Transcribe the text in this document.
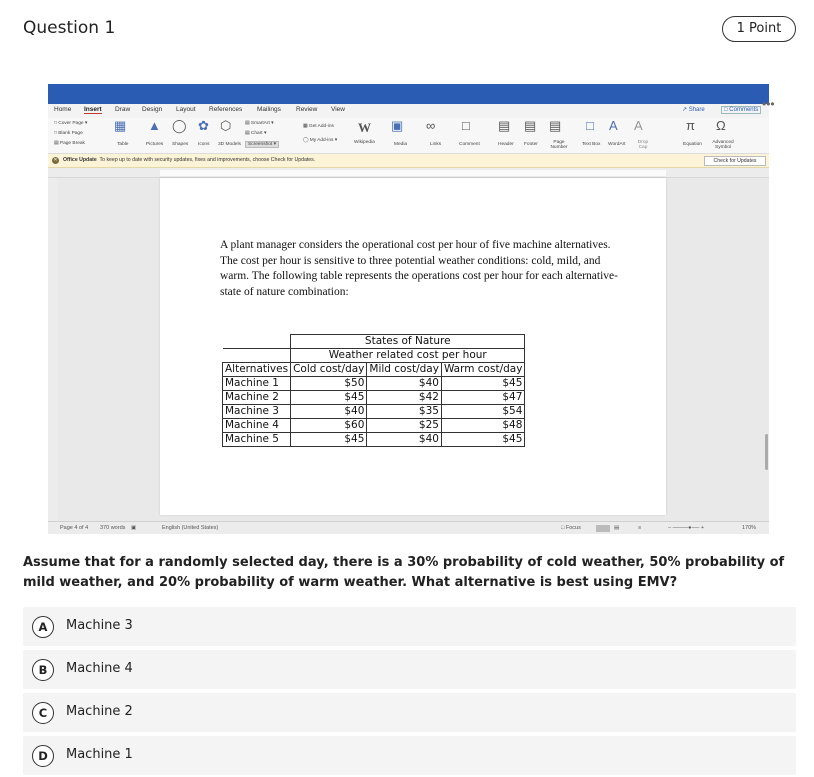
Question 1	1 Point
Home Insert Draw Design Layout References Mailings Review View	↗ Share	□ Comments
□ Cover Page ▾
□ Blank Page
▤ Page Break
▦
Table
▲
Pictures
◯
Shapes
✿
Icons
⬡
3D Models
▤ SmartArt ▾
▤ Chart ▾
Screenshot ▾
▦ Get Add-ins
◯ My Add-ins ▾
W
Wikipedia
▣
Media
∞
Links
□
Comment
▤
Header
▤
Footer
▤
Page Number
□
Text Box
A
WordArt
A
Drop Cap
π
Equation
Ω
Advanced Symbol
✕ Office Update To keep up to date with security updates, fixes and improvements, choose Check for Updates.	Check for Updates
A plant manager considers the operational cost per hour of five machine alternatives. The cost per hour is sensitive to three potential weather conditions: cold, mild, and warm. The following table represents the operations cost per hour for each alternative-state of nature combination:
	States of Nature		
	Weather related cost per hour		
Alternatives	Cold cost/day	Mild cost/day	Warm cost/day
Machine 1	$50	$40	$45
Machine 2	$45	$42	$47
Machine 3	$40	$35	$54
Machine 4	$60	$25	$48
Machine 5	$45	$40	$45
Page 4 of 4 370 words ▣	English (United States)	□ Focus	▤	≡	– ────●── +	170%
•••
Assume that for a randomly selected day, there is a 30% probability of cold weather, 50% probability of mild weather, and 20% probability of warm weather. What alternative is best using EMV?
A	Machine 3
B	Machine 4
C	Machine 2
D	Machine 1
